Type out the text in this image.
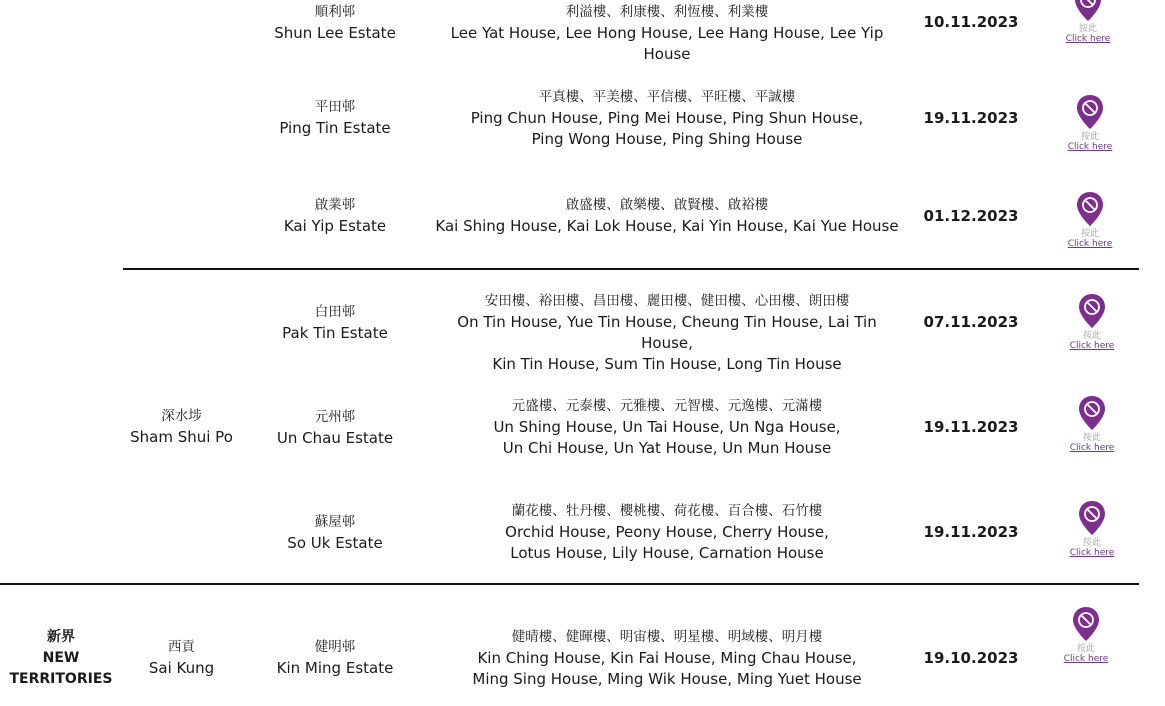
新界
NEW
TERRITORIES
深水埗
Sham Shui Po
西貢
Sai Kung
順利邨
Shun Lee Estate
利溢樓、利康樓、利恆樓、利業樓
Lee Yat House, Lee Hong House, Lee Hang House, Lee Yip House
10.11.2023	按此
Click here
平田邨
Ping Tin Estate
平真樓、平美樓、平信樓、平旺樓、平誠樓
Ping Chun House, Ping Mei House, Ping Shun House,
Ping Wong House, Ping Shing House
19.11.2023
按此
Click here
啟業邨
Kai Yip Estate
啟盛樓、啟樂樓、啟賢樓、啟裕樓
Kai Shing House, Kai Lok House, Kai Yin House, Kai Yue House
01.12.2023
按此
Click here
白田邨
Pak Tin Estate
安田樓、裕田樓、昌田樓、麗田樓、健田樓、心田樓、朗田樓
On Tin House, Yue Tin House, Cheung Tin House, Lai Tin House,
Kin Tin House, Sum Tin House, Long Tin House
07.11.2023
按此
Click here
元州邨
Un Chau Estate
元盛樓、元泰樓、元雅樓、元智樓、元逸樓、元滿樓
Un Shing House, Un Tai House, Un Nga House,
Un Chi House, Un Yat House, Un Mun House
19.11.2023
按此
Click here
蘇屋邨
So Uk Estate
蘭花樓、牡丹樓、櫻桃樓、荷花樓、百合樓、石竹樓
Orchid House, Peony House, Cherry House,
Lotus House, Lily House, Carnation House
19.11.2023
按此
Click here
健明邨
Kin Ming Estate
健晴樓、健暉樓、明宙樓、明星樓、明域樓、明月樓
Kin Ching House, Kin Fai House, Ming Chau House,
Ming Sing House, Ming Wik House, Ming Yuet House
19.10.2023	按此
Click here
